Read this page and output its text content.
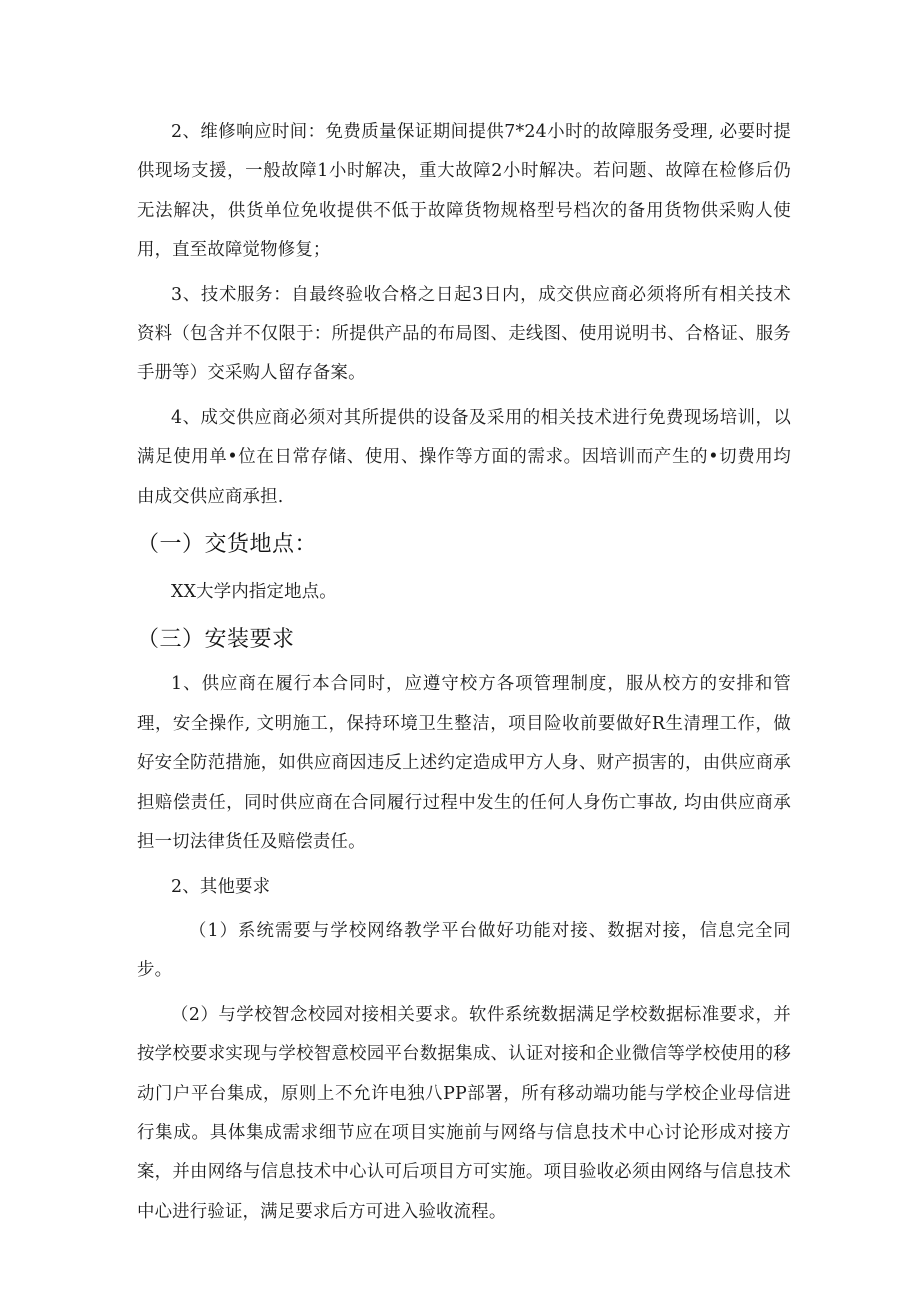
2、维修响应时间：免费质量保证期间提供7*24小时的故障服务受理, 必要时提供现场支援，一般故障1小时解决，重大故障2小时解决。若问题、故障在检修后仍无法解决，供货单位免收提供不低于故障货物规格型号档次的备用货物供采购人使用，直至故障觉物修复；

3、技术服务：自最终验收合格之日起3日内，成交供应商必须将所有相关技术资料（包含并不仅限于：所提供产品的布局图、走线图、使用说明书、合格证、服务手册等）交采购人留存备案。

4、成交供应商必须对其所提供的设备及采用的相关技术进行免费现场培训，以满足使用单•位在日常存储、使用、操作等方面的需求。因培训而产生的•切费用均由成交供应商承担.

（一）交货地点：

XX大学内指定地点。

（三）安装要求

1、供应商在履行本合同时，应遵守校方各项管理制度，服从校方的安排和管理，安全操作, 文明施工，保持环境卫生整洁，项目险收前要做好R生清理工作，做好安全防范措施，如供应商因违反上述约定造成甲方人身、财产损害的，由供应商承担赔偿责任，同时供应商在合同履行过程中发生的任何人身伤亡事故, 均由供应商承担一切法律货任及赔偿责任。

2、其他要求

（1）系统需要与学校网络教学平台做好功能对接、数据对接，信息完全同步。

（2）与学校智念校园对接相关要求。软件系统数据满足学校数据标准要求，并按学校要求实现与学校智意校园平台数据集成、认证对接和企业微信等学校使用的移动门户平台集成，原则上不允许电独八PP部署，所有移动端功能与学校企业母信进行集成。具体集成需求细节应在项目实施前与网络与信息技术中心讨论形成对接方案，并由网络与信息技术中心认可后项目方可实施。项目验收必须由网络与信息技术中心进行验证，满足要求后方可进入验收流程。
